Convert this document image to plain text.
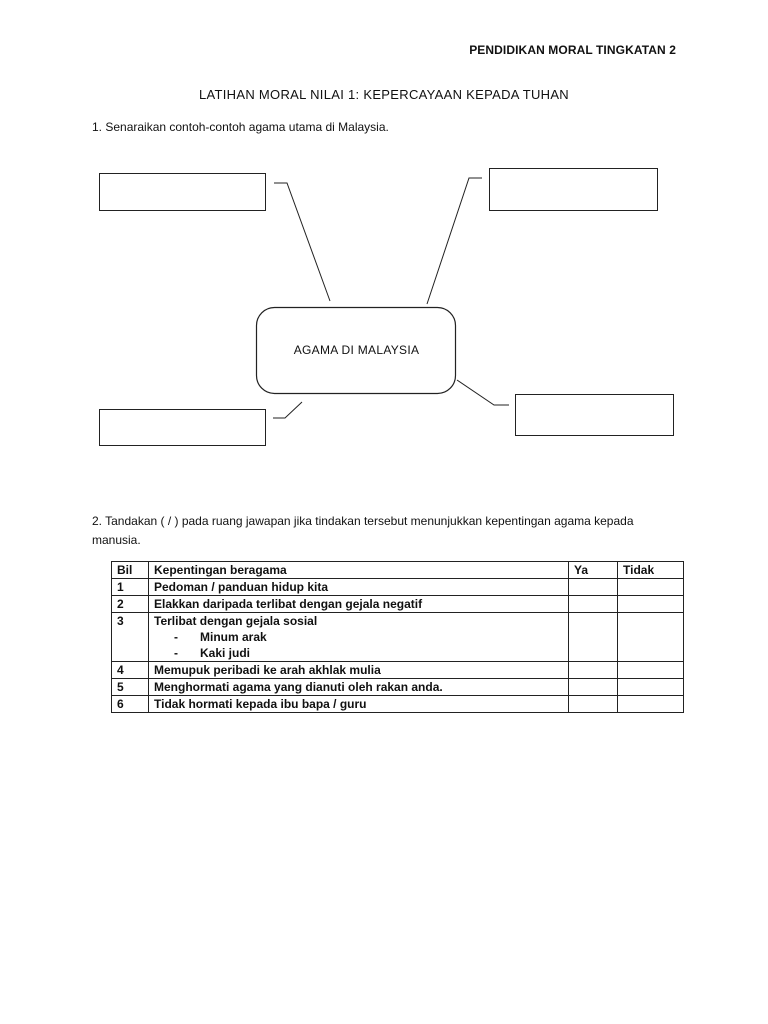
PENDIDIKAN MORAL TINGKATAN 2
LATIHAN MORAL NILAI 1: KEPERCAYAAN KEPADA TUHAN
1. Senaraikan contoh-contoh agama utama di Malaysia.
AGAMA DI MALAYSIA
2. Tandakan ( / ) pada ruang jawapan jika tindakan tersebut menunjukkan kepentingan agama kepada manusia.
Bil	Kepentingan beragama	Ya	Tidak
1	Pedoman / panduan hidup kita		
2	Elakkan daripada terlibat dengan gejala negatif		
3	Terlibat dengan gejala sosial
- Minum arak
- Kaki judi		

4	Memupuk peribadi ke arah akhlak mulia		
5	Menghormati agama yang dianuti oleh rakan anda.		
6	Tidak hormati kepada ibu bapa / guru		
